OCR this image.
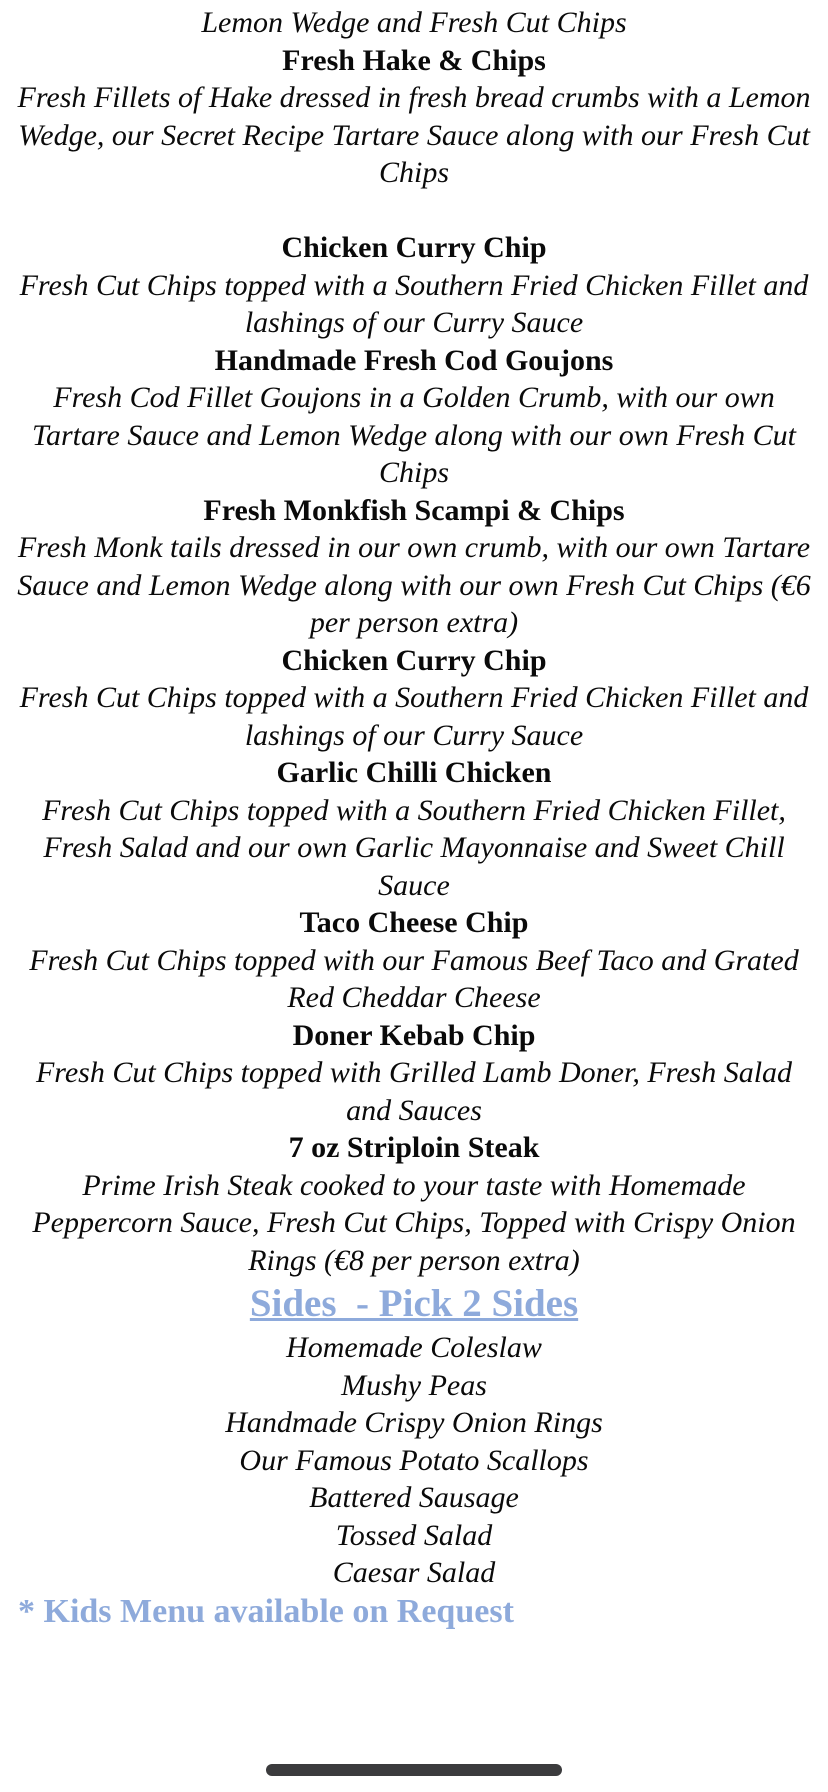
Lemon Wedge and Fresh Cut Chips

Fresh Hake & Chips

Fresh Fillets of Hake dressed in fresh bread crumbs with a Lemon Wedge, our Secret Recipe Tartare Sauce along with our Fresh Cut Chips

Chicken Curry Chip

Fresh Cut Chips topped with a Southern Fried Chicken Fillet and lashings of our Curry Sauce

Handmade Fresh Cod Goujons

Fresh Cod Fillet Goujons in a Golden Crumb, with our own Tartare Sauce and Lemon Wedge along with our own Fresh Cut Chips

Fresh Monkfish Scampi & Chips

Fresh Monk tails dressed in our own crumb, with our own Tartare Sauce and Lemon Wedge along with our own Fresh Cut Chips (€6 per person extra)

Chicken Curry Chip

Fresh Cut Chips topped with a Southern Fried Chicken Fillet and lashings of our Curry Sauce

Garlic Chilli Chicken

Fresh Cut Chips topped with a Southern Fried Chicken Fillet, Fresh Salad and our own Garlic Mayonnaise and Sweet Chill Sauce

Taco Cheese Chip

Fresh Cut Chips topped with our Famous Beef Taco and Grated Red Cheddar Cheese

Doner Kebab Chip

Fresh Cut Chips topped with Grilled Lamb Doner, Fresh Salad and Sauces

7 oz Striploin Steak

Prime Irish Steak cooked to your taste with Homemade Peppercorn Sauce, Fresh Cut Chips, Topped with Crispy Onion Rings (€8 per person extra)

Sides  - Pick 2 Sides

Homemade Coleslaw

Mushy Peas

Handmade Crispy Onion Rings

Our Famous Potato Scallops

Battered Sausage

Tossed Salad

Caesar Salad

* Kids Menu available on Request
